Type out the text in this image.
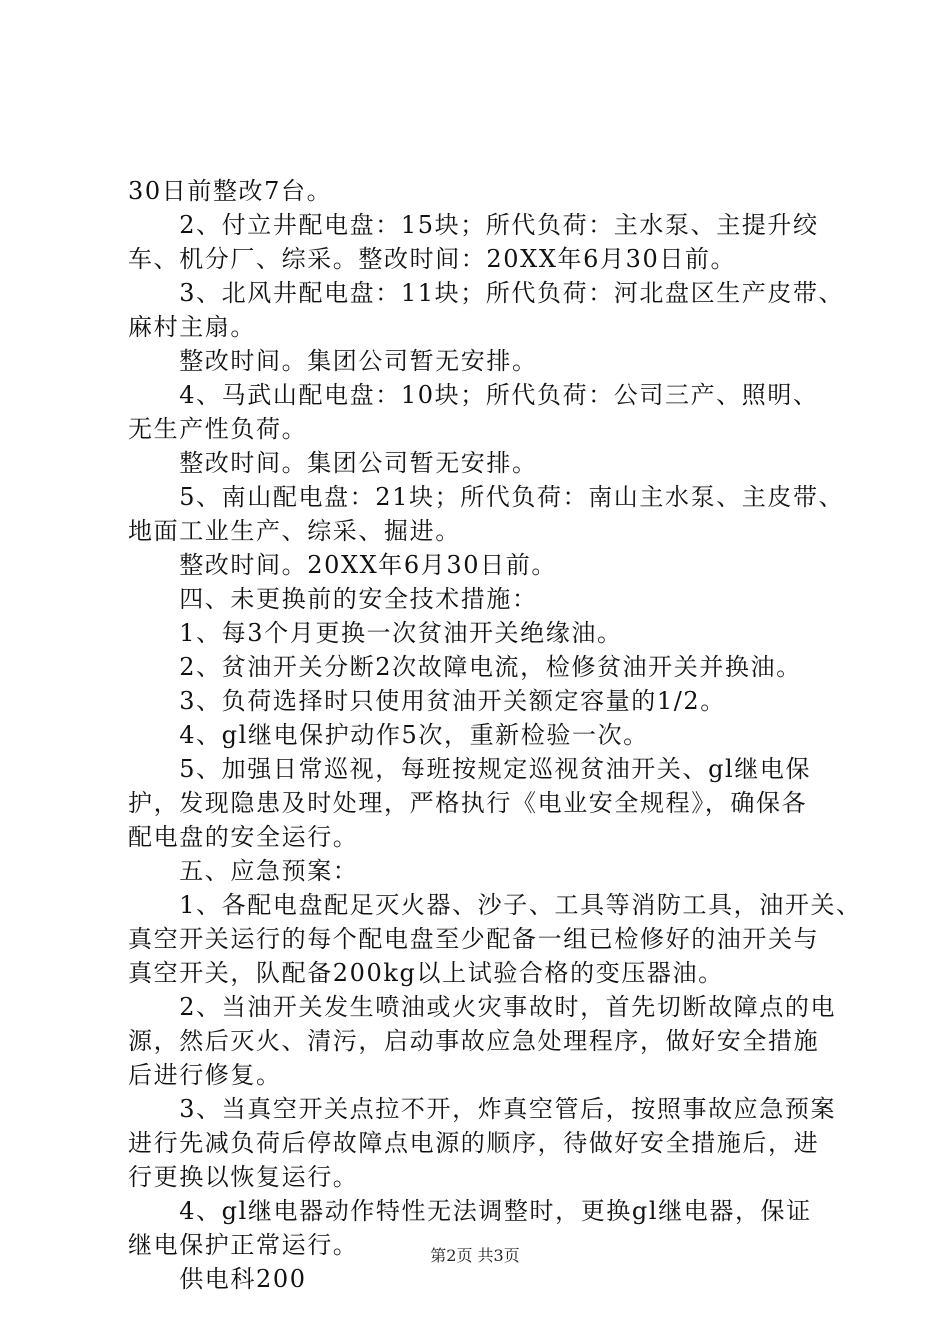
30日前整改7台。
　　2、付立井配电盘：15块；所代负荷：主水泵、主提升绞
车、机分厂、综采。整改时间：20XX年6月30日前。
　　3、北风井配电盘：11块；所代负荷：河北盘区生产皮带、
麻村主扇。
　　整改时间。集团公司暂无安排。
　　4、马武山配电盘：10块；所代负荷：公司三产、照明、
无生产性负荷。
　　整改时间。集团公司暂无安排。
　　5、南山配电盘：21块；所代负荷：南山主水泵、主皮带、
地面工业生产、综采、掘进。
　　整改时间。20XX年6月30日前。
　　四、未更换前的安全技术措施：
　　1、每3个月更换一次贫油开关绝缘油。
　　2、贫油开关分断2次故障电流，检修贫油开关并换油。
　　3、负荷选择时只使用贫油开关额定容量的1/2。
　　4、gl继电保护动作5次，重新检验一次。
　　5、加强日常巡视，每班按规定巡视贫油开关、gl继电保
护，发现隐患及时处理，严格执行《电业安全规程》，确保各
配电盘的安全运行。
　　五、应急预案：
　　1、各配电盘配足灭火器、沙子、工具等消防工具，油开关、
真空开关运行的每个配电盘至少配备一组已检修好的油开关与
真空开关，队配备200kg以上试验合格的变压器油。
　　2、当油开关发生喷油或火灾事故时，首先切断故障点的电
源，然后灭火、清污，启动事故应急处理程序，做好安全措施
后进行修复。
　　3、当真空开关点拉不开，炸真空管后，按照事故应急预案
进行先减负荷后停故障点电源的顺序，待做好安全措施后，进
行更换以恢复运行。
　　4、gl继电器动作特性无法调整时，更换gl继电器，保证
继电保护正常运行。
　　供电科200
第2页 共3页
